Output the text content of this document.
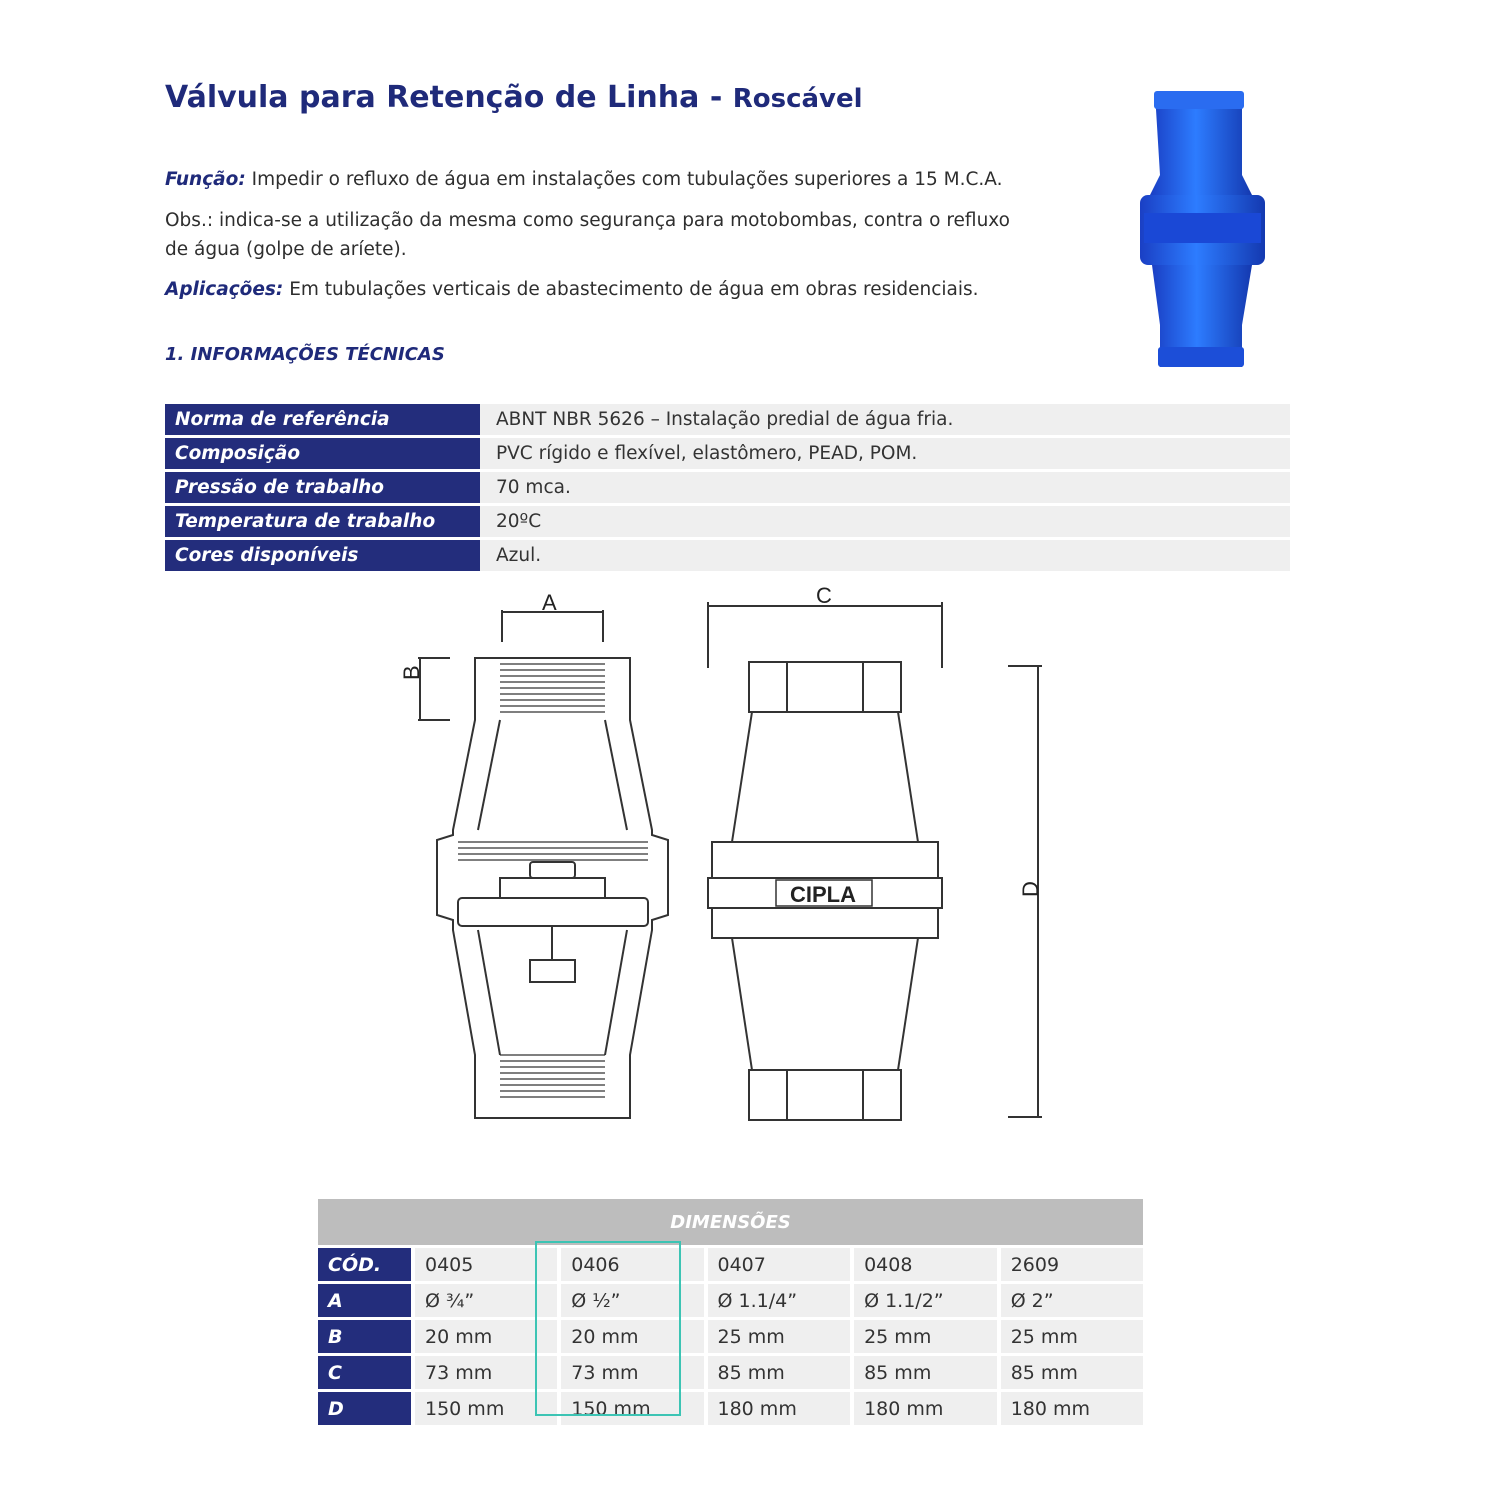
Válvula para Retenção de Linha - Roscável
Função: Impedir o refluxo de água em instalações com tubulações superiores a 15 M.C.A.
Obs.: indica-se a utilização da mesma como segurança para motobombas, contra o refluxo de água (golpe de aríete).
Aplicações: Em tubulações verticais de abastecimento de água em obras residenciais.
1. INFORMAÇÕES TÉCNICAS
Norma de referência	ABNT NBR 5626 – Instalação predial de água fria.
Composição	PVC rígido e flexível, elastômero, PEAD, POM.
Pressão de trabalho	70 mca.
Temperatura de trabalho	20ºC
Cores disponíveis	Azul.
A
B
C
CIPLA	D
DIMENSÕES					
CÓD.	0405	0406	0407	0408	2609
A	Ø ¾”	Ø ½”	Ø 1.1/4”	Ø 1.1/2”	Ø 2”
B	20 mm	20 mm	25 mm	25 mm	25 mm
C	73 mm	73 mm	85 mm	85 mm	85 mm
D	150 mm	150 mm	180 mm	180 mm	180 mm
